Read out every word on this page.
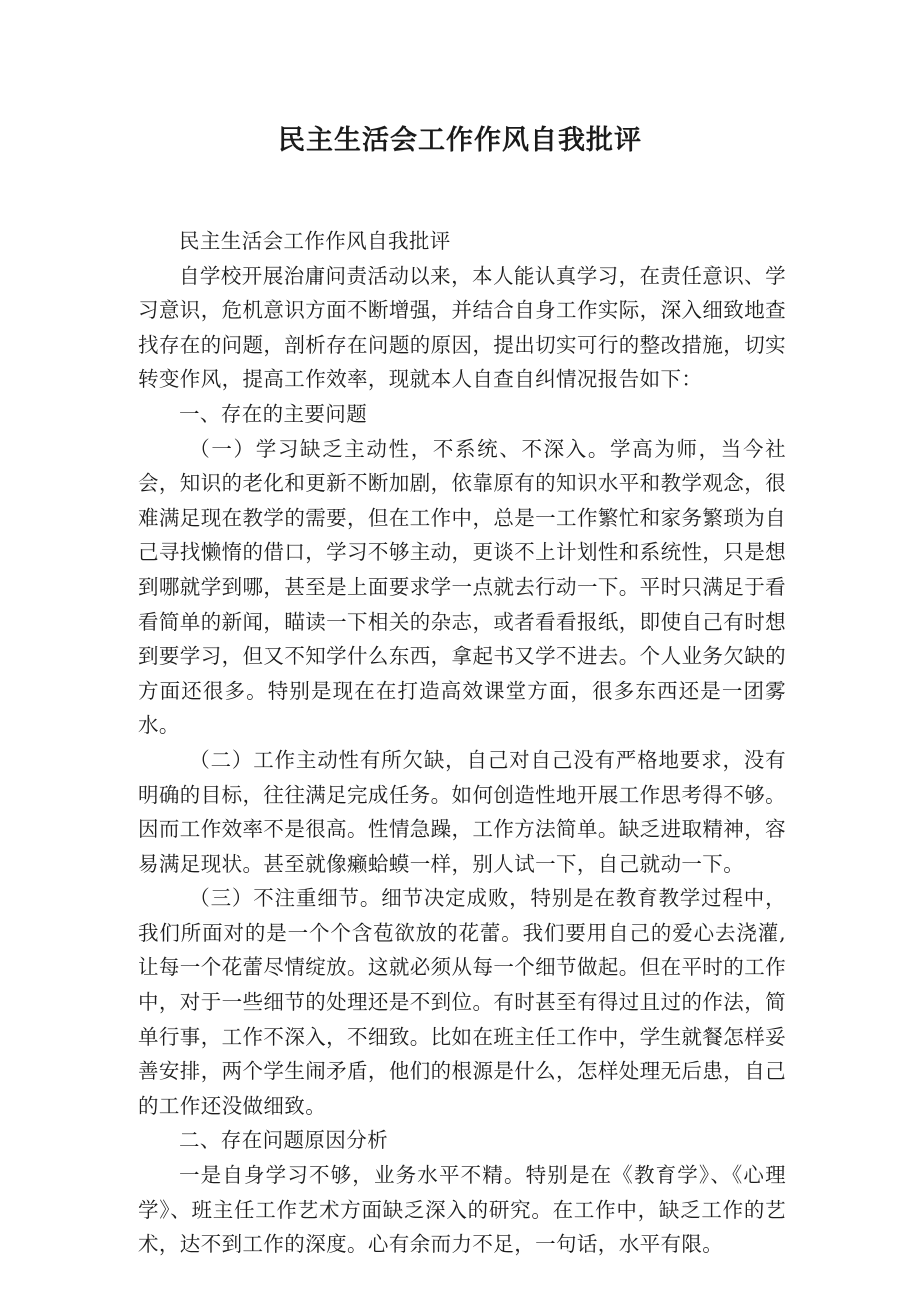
民主生活会工作作风自我批评

民主生活会工作作风自我批评

自学校开展治庸问责活动以来，本人能认真学习，在责任意识、学习意识，危机意识方面不断增强，并结合自身工作实际，深入细致地查找存在的问题，剖析存在问题的原因，提出切实可行的整改措施，切实转变作风，提高工作效率，现就本人自查自纠情况报告如下：

一、存在的主要问题

（一）学习缺乏主动性，不系统、不深入。学高为师，当今社会，知识的老化和更新不断加剧，依靠原有的知识水平和教学观念，很难满足现在教学的需要，但在工作中，总是一工作繁忙和家务繁琐为自己寻找懒惰的借口，学习不够主动，更谈不上计划性和系统性，只是想到哪就学到哪，甚至是上面要求学一点就去行动一下。平时只满足于看看简单的新闻，瞄读一下相关的杂志，或者看看报纸，即使自己有时想到要学习，但又不知学什么东西，拿起书又学不进去。个人业务欠缺的方面还很多。特别是现在在打造高效课堂方面，很多东西还是一团雾水。

（二）工作主动性有所欠缺，自己对自己没有严格地要求，没有明确的目标，往往满足完成任务。如何创造性地开展工作思考得不够。因而工作效率不是很高。性情急躁，工作方法简单。缺乏进取精神，容易满足现状。甚至就像癞蛤蟆一样，别人试一下，自己就动一下。

（三）不注重细节。细节决定成败，特别是在教育教学过程中，我们所面对的是一个个含苞欲放的花蕾。我们要用自己的爱心去浇灌,让每一个花蕾尽情绽放。这就必须从每一个细节做起。但在平时的工作中，对于一些细节的处理还是不到位。有时甚至有得过且过的作法，简单行事，工作不深入，不细致。比如在班主任工作中，学生就餐怎样妥善安排，两个学生闹矛盾，他们的根源是什么，怎样处理无后患，自己的工作还没做细致。

二、存在问题原因分析

一是自身学习不够，业务水平不精。特别是在《教育学》、《心理学》、班主任工作艺术方面缺乏深入的研究。在工作中，缺乏工作的艺术，达不到工作的深度。心有余而力不足，一句话，水平有限。
